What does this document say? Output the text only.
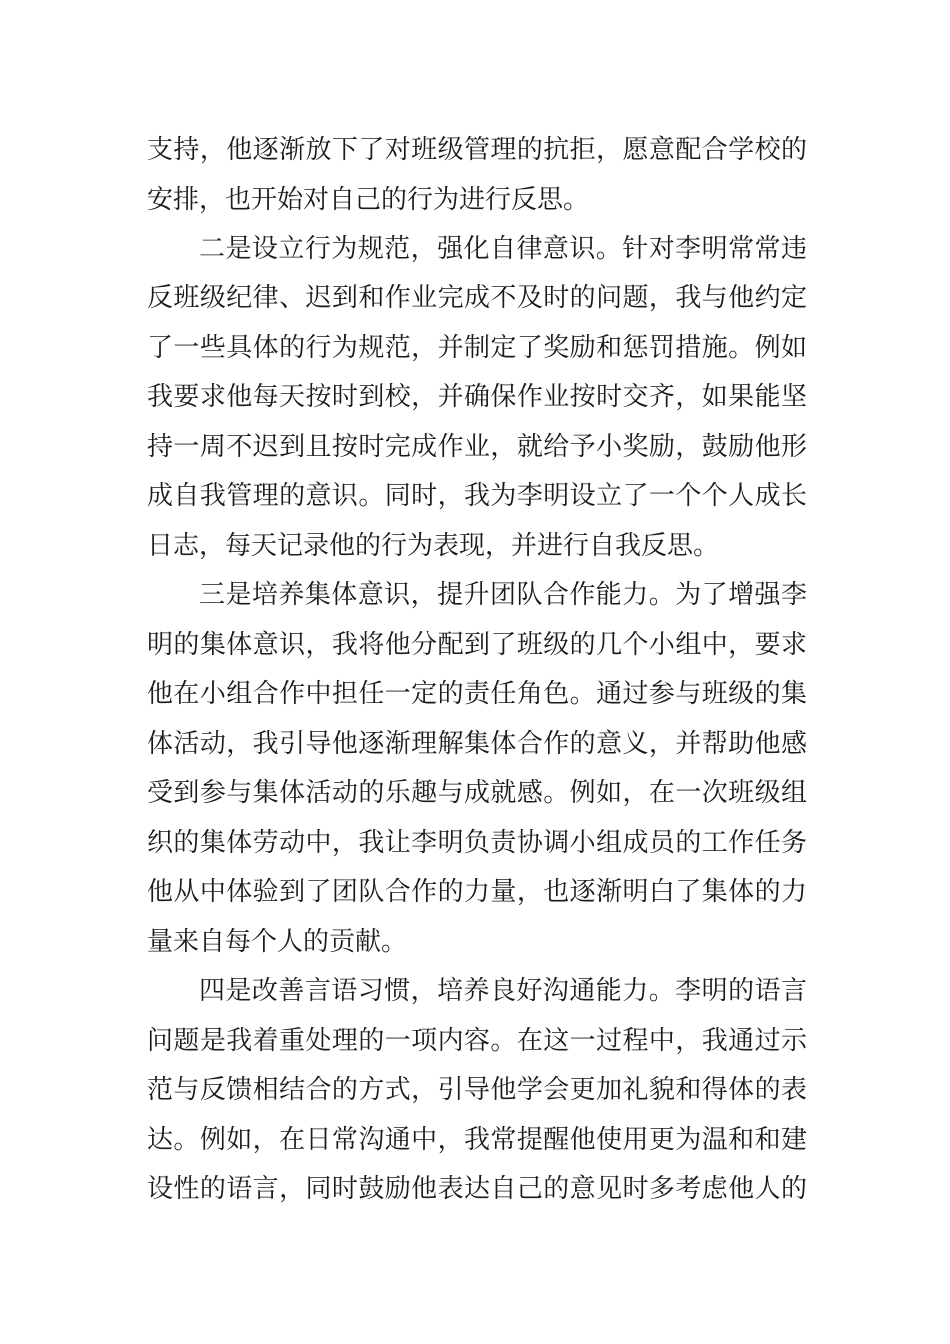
支持，他逐渐放下了对班级管理的抗拒，愿意配合学校的
安排，也开始对自己的行为进行反思。
二是设立行为规范，强化自律意识。针对李明常常违
反班级纪律、迟到和作业完成不及时的问题，我与他约定
了一些具体的行为规范，并制定了奖励和惩罚措施。例如
我要求他每天按时到校，并确保作业按时交齐，如果能坚
持一周不迟到且按时完成作业，就给予小奖励，鼓励他形
成自我管理的意识。同时，我为李明设立了一个个人成长
日志，每天记录他的行为表现，并进行自我反思。
三是培养集体意识，提升团队合作能力。为了增强李
明的集体意识，我将他分配到了班级的几个小组中，要求
他在小组合作中担任一定的责任角色。通过参与班级的集
体活动，我引导他逐渐理解集体合作的意义，并帮助他感
受到参与集体活动的乐趣与成就感。例如，在一次班级组
织的集体劳动中，我让李明负责协调小组成员的工作任务
他从中体验到了团队合作的力量，也逐渐明白了集体的力
量来自每个人的贡献。
四是改善言语习惯，培养良好沟通能力。李明的语言
问题是我着重处理的一项内容。在这一过程中，我通过示
范与反馈相结合的方式，引导他学会更加礼貌和得体的表
达。例如，在日常沟通中，我常提醒他使用更为温和和建
设性的语言，同时鼓励他表达自己的意见时多考虑他人的
